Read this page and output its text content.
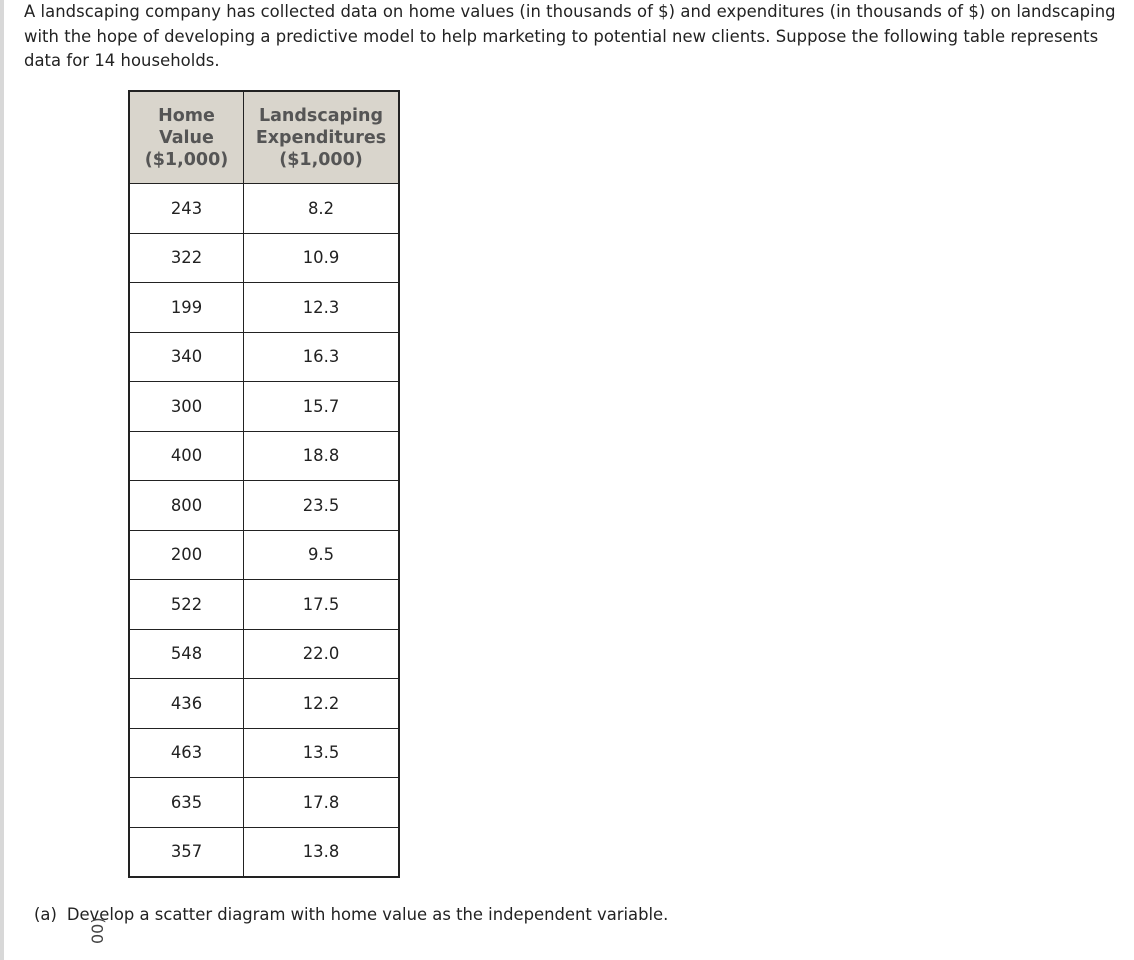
A landscaping company has collected data on home values (in thousands of $) and expenditures (in thousands of $) on landscaping with the hope of developing a predictive model to help marketing to potential new clients. Suppose the following table represents data for 14 households.

Home
Value
($1,000)	Landscaping
Expenditures
($1,000)
243	8.2
322	10.9
199	12.3
340	16.3
300	15.7
400	18.8
800	23.5
200	9.5
522	17.5
548	22.0
436	12.2
463	13.5
635	17.8
357	13.8

(a) Develop a scatter diagram with home value as the independent variable.

00)
